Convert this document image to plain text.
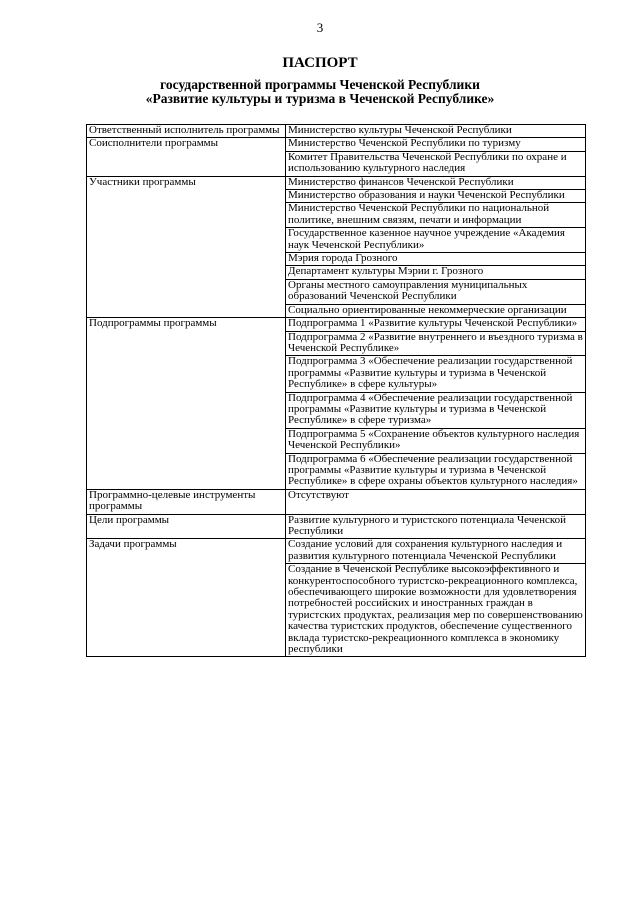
3
ПАСПОРТ
государственной программы Чеченской Республики
«Развитие культуры и туризма в Чеченской Республике»
Ответственный исполнитель программы	Министерство культуры Чеченской Республики
Соисполнители программы	Министерство Чеченской Республики по туризму
	Комитет Правительства Чеченской Республики по охране и использованию культурного наследия
Участники программы	Министерство финансов Чеченской Республики
	Министерство образования и науки Чеченской Республики
	Министерство Чеченской Республики по национальной политике, внешним связям, печати и информации
	Государственное казенное научное учреждение «Академия наук Чеченской Республики»
	Мэрия города Грозного
	Департамент культуры Мэрии г. Грозного
	Органы местного самоуправления муниципальных образований Чеченской Республики
	Социально ориентированные некоммерческие организации
Подпрограммы программы	Подпрограмма 1 «Развитие культуры Чеченской Республики»
	Подпрограмма 2 «Развитие внутреннего и въездного туризма в Чеченской Республике»
	Подпрограмма 3 «Обеспечение реализации государственной программы «Развитие культуры и туризма в Чеченской Республике» в сфере культуры»
	Подпрограмма 4 «Обеспечение реализации государственной программы «Развитие культуры и туризма в Чеченской Республике» в сфере туризма»
	Подпрограмма 5 «Сохранение объектов культурного наследия Чеченской Республики»
	Подпрограмма 6 «Обеспечение реализации государственной программы «Развитие культуры и туризма в Чеченской Республике» в сфере охраны объектов культурного наследия»
Программно-целевые инструменты программы	Отсутствуют
Цели программы	Развитие культурного и туристского потенциала Чеченской Республики
Задачи программы	Создание условий для сохранения культурного наследия и развития культурного потенциала Чеченской Республики
	Создание в Чеченской Республике высокоэффективного и конкурентоспособного туристско-рекреационного комплекса, обеспечивающего широкие возможности для удовлетворения потребностей российских и иностранных граждан в туристских продуктах, реализация мер по совершенствованию качества туристских продуктов, обеспечение существенного вклада туристско-рекреационного комплекса в экономику республики
